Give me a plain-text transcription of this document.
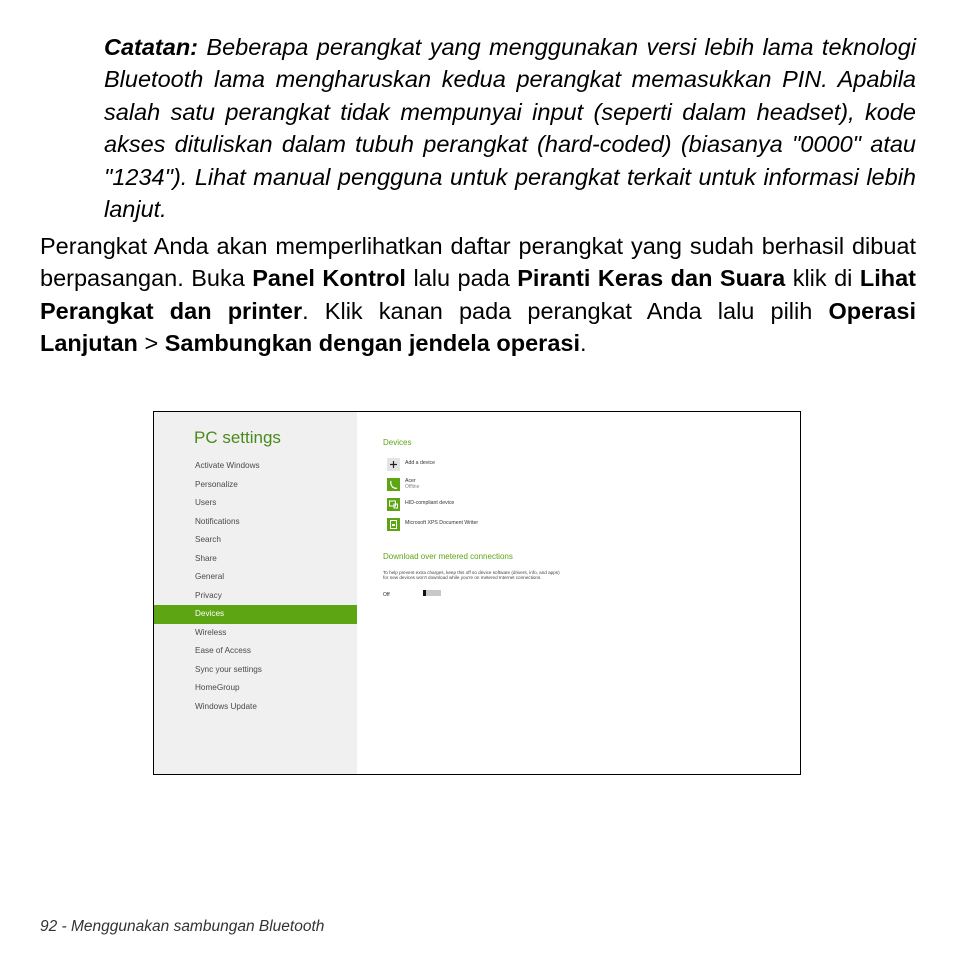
Catatan: Beberapa perangkat yang menggunakan versi lebih lama teknologi Bluetooth lama mengharuskan kedua perangkat memasukkan PIN. Apabila salah satu perangkat tidak mempunyai input (seperti dalam headset), kode akses dituliskan dalam tubuh perangkat (hard-coded) (biasanya "0000" atau "1234"). Lihat manual pengguna untuk perangkat terkait untuk informasi lebih lanjut.

Perangkat Anda akan memperlihatkan daftar perangkat yang sudah berhasil dibuat berpasangan. Buka Panel Kontrol lalu pada Piranti Keras dan Suara klik di Lihat Perangkat dan printer. Klik kanan pada perangkat Anda lalu pilih Operasi Lanjutan > Sambungkan dengan jendela operasi.

PC settings
Activate Windows
Personalize
Users
Notifications
Search
Share
General
Privacy
Devices
Wireless
Ease of Access
Sync your settings
HomeGroup
Windows Update
Devices
Add a device
Acer
Offline
HID-compliant device
Microsoft XPS Document Writer
Download over metered connections
To help prevent extra charges, keep this off so device software (drivers, info, and apps) for new devices won't download while you're on metered Internet connections.
Off
92 - Menggunakan sambungan Bluetooth
